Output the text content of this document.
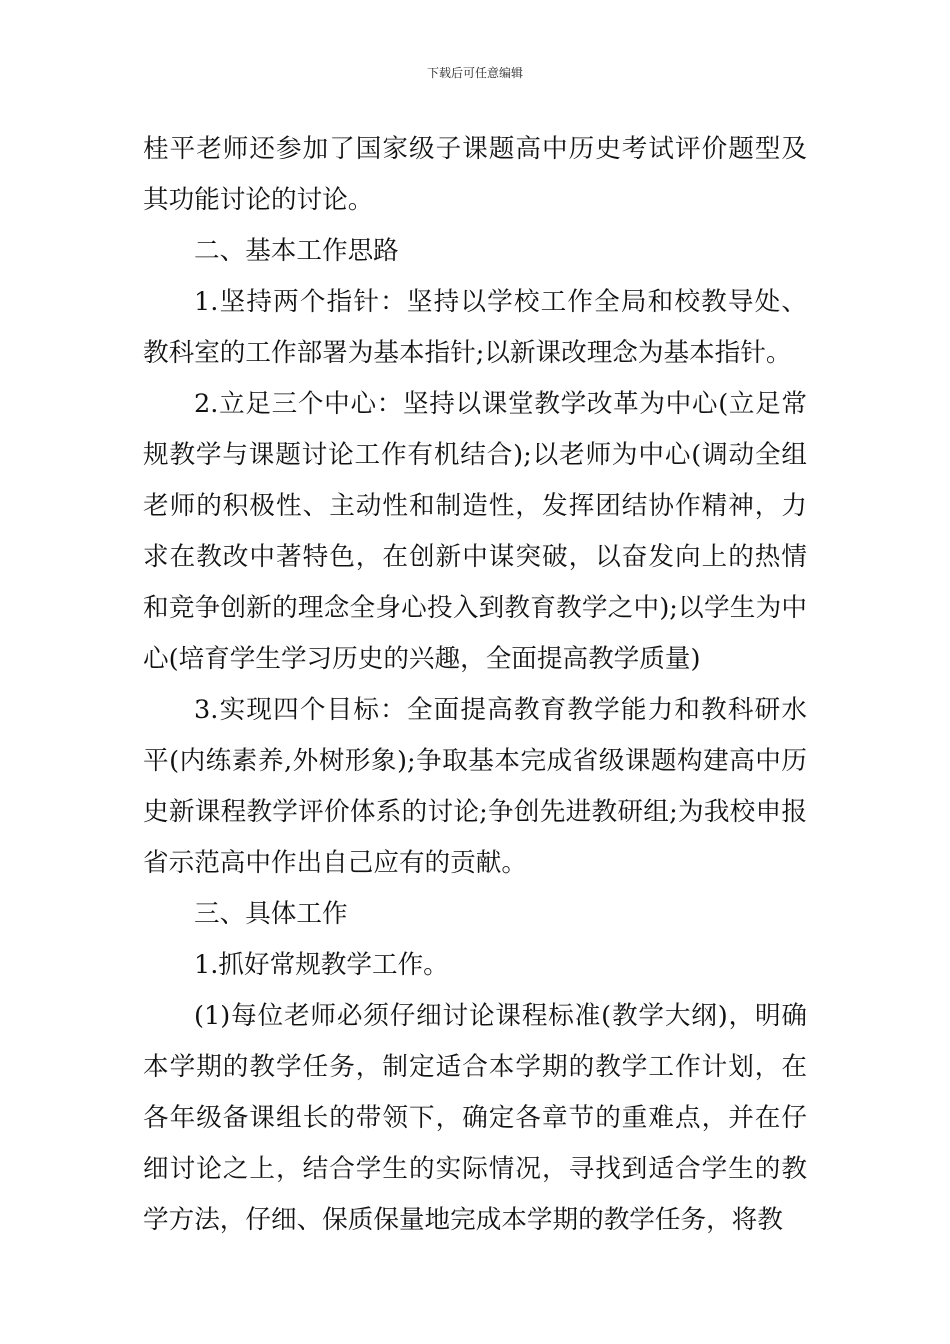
下载后可任意编辑

桂平老师还参加了国家级子课题高中历史考试评价题型及其功能讨论的讨论。

二、基本工作思路

1.坚持两个指针：坚持以学校工作全局和校教导处、教科室的工作部署为基本指针;以新课改理念为基本指针。

2.立足三个中心：坚持以课堂教学改革为中心(立足常规教学与课题讨论工作有机结合);以老师为中心(调动全组老师的积极性、主动性和制造性，发挥团结协作精神，力求在教改中著特色，在创新中谋突破，以奋发向上的热情和竞争创新的理念全身心投入到教育教学之中);以学生为中心(培育学生学习历史的兴趣，全面提高教学质量)

3.实现四个目标：全面提高教育教学能力和教科研水平(内练素养,外树形象);争取基本完成省级课题构建高中历史新课程教学评价体系的讨论;争创先进教研组;为我校申报省示范高中作出自己应有的贡献。

三、具体工作

1.抓好常规教学工作。

(1)每位老师必须仔细讨论课程标准(教学大纲)，明确本学期的教学任务，制定适合本学期的教学工作计划，在各年级备课组长的带领下，确定各章节的重难点，并在仔细讨论之上，结合学生的实际情况，寻找到适合学生的教学方法，仔细、保质保量地完成本学期的教学任务，将教
